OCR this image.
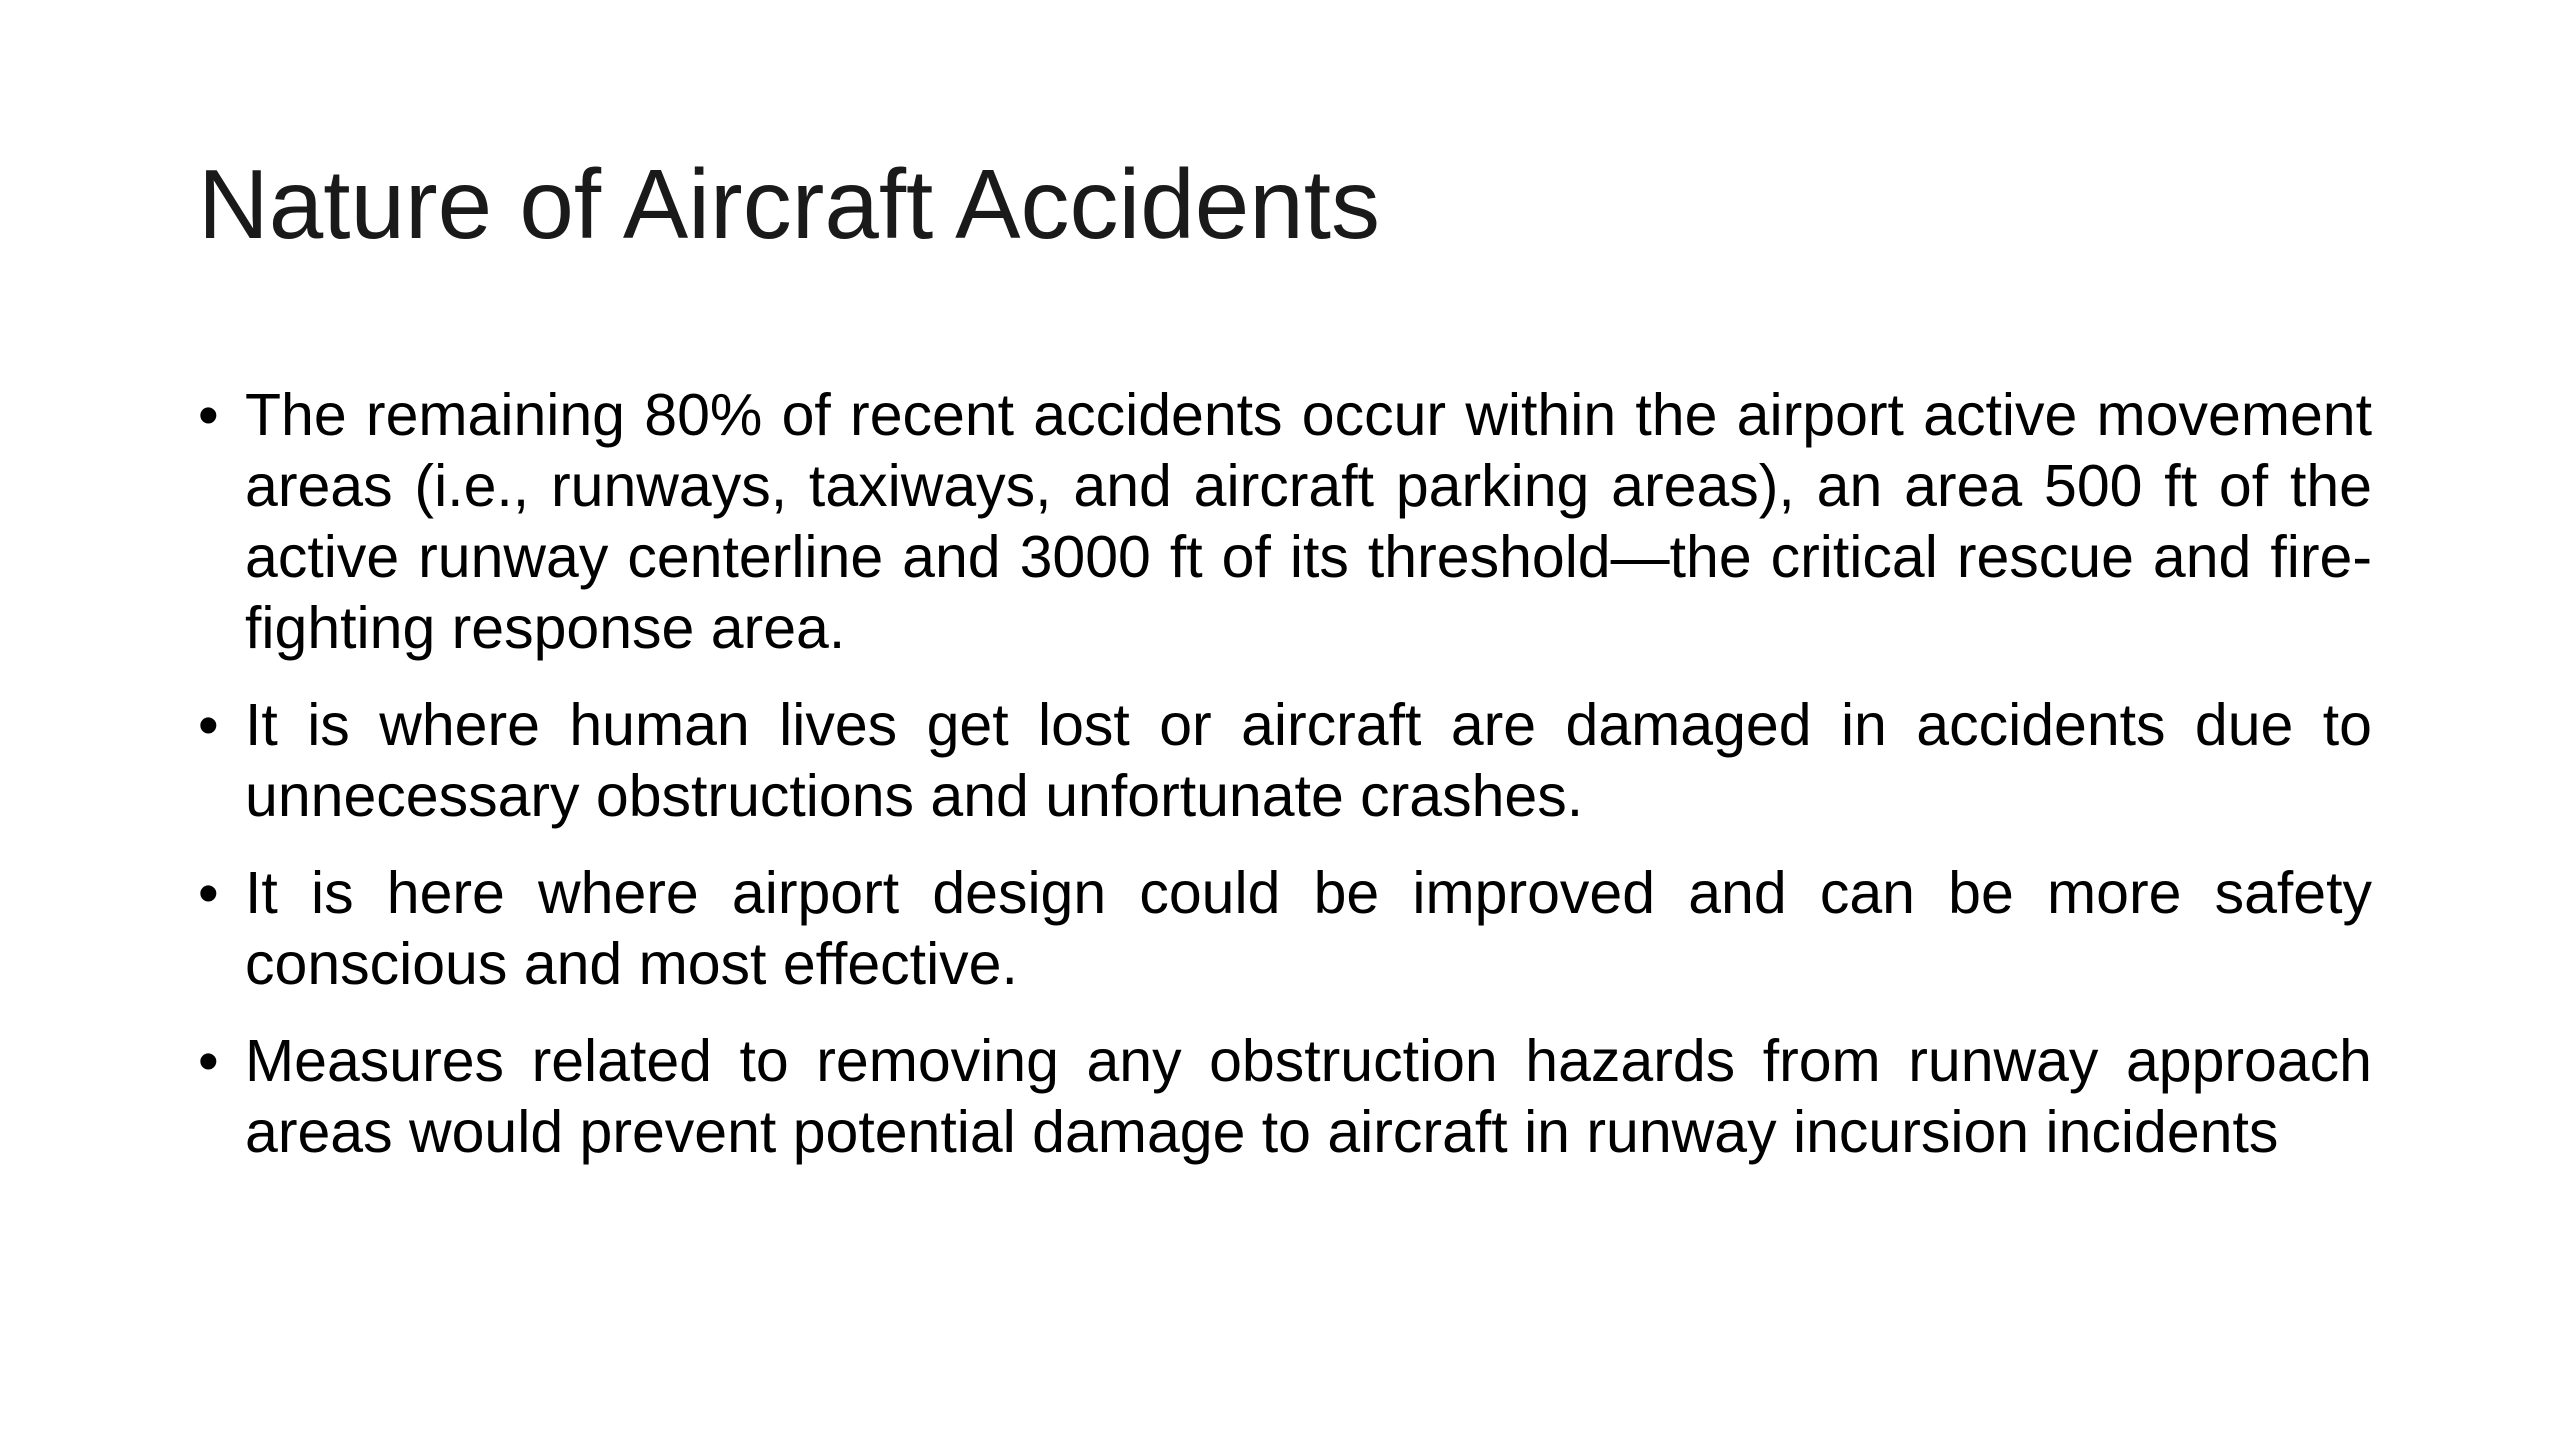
Nature of Aircraft Accidents
• The remaining 80% of recent accidents occur within the airport active movement areas (i.e., runways, taxiways, and aircraft parking areas), an area 500 ft of the active runway centerline and 3000 ft of its threshold—the critical rescue and fire-fighting response area.
• It is where human lives get lost or aircraft are damaged in accidents due to unnecessary obstructions and unfortunate crashes.
• It is here where airport design could be improved and can be more safety conscious and most effective.
• Measures related to removing any obstruction hazards from runway approach areas would prevent potential damage to aircraft in runway incursion incidents
